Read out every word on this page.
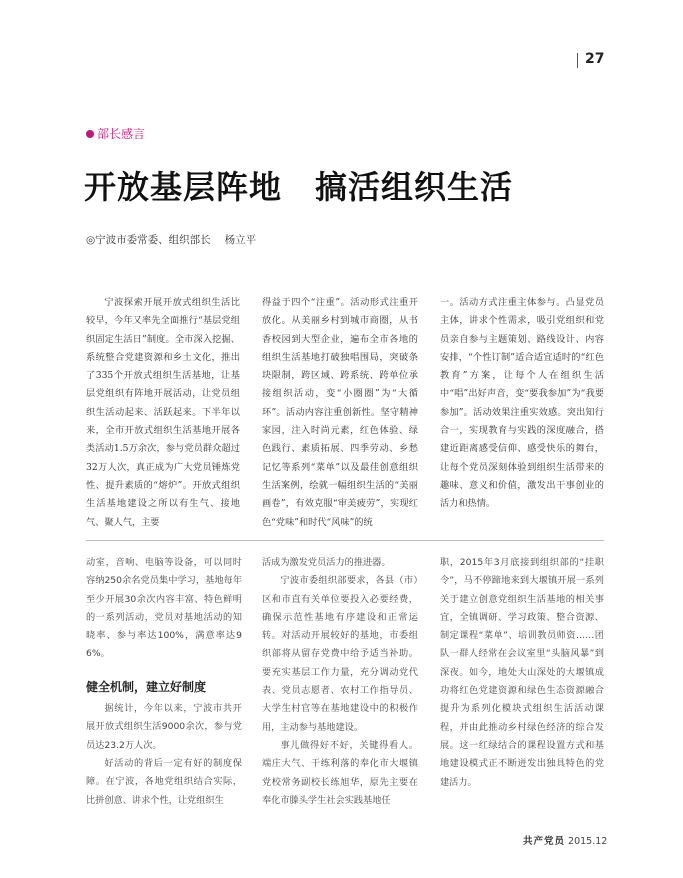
27
部长感言
开放基层阵地　搞活组织生活
◎宁波市委常委、组织部长 杨立平

宁波探索开展开放式组织生活比较早，今年又率先全面推行“基层党组织固定生活日”制度。全市深入挖掘、系统整合党建资源和乡土文化，推出了335个开放式组织生活基地，让基层党组织有阵地开展活动，让党员组织生活动起来、活跃起来。下半年以来，全市开放式组织生活基地开展各类活动1.5万余次，参与党员群众超过32万人次，真正成为广大党员锤炼党性、提升素质的“熔炉”。开放式组织生活基地建设之所以有生气、接地气、聚人气，主要

得益于四个“注重”。活动形式注重开放化。从美丽乡村到城市商圈，从书香校园到大型企业，遍布全市各地的组织生活基地打破独唱围局，突破条块限制，跨区域、跨系统、跨单位承接组织活动，变“小圈圈”为“大循环”。活动内容注重创新性。坚守精神家园，注入时尚元素，红色体验、绿色践行、素质拓展、四季劳动、乡愁记忆等系列“菜单”以及最佳创意组织生活案例，绘就一幅组织生活的“美丽画卷”，有效克服“审美疲劳”，实现红色“党味”和时代“风味”的统

一。活动方式注重主体参与。凸显党员主体，讲求个性需求，吸引党组织和党员亲自参与主题策划、路线设计、内容安排，“个性订制”适合适宜适时的“红色教育”方案，让每个人在组织生活中“唱”出好声音，变“要我参加”为“我要参加”。活动效果注重实效感。突出知行合一，实现教育与实践的深度融合，搭建近距离感受信仰、感受快乐的舞台，让每个党员深刻体验到组织生活带来的趣味、意义和价值，激发出干事创业的活力和热情。

动室，音响、电脑等设备，可以同时容纳250余名党员集中学习，基地每年至少开展30余次内容丰富、特色鲜明的一系列活动，党员对基地活动的知晓率、参与率达100%，满意率达96%。

健全机制，建立好制度

据统计，今年以来，宁波市共开展开放式组织生活9000余次，参与党员达23.2万人次。

好活动的背后一定有好的制度保障。在宁波，各地党组织结合实际，比拼创意、讲求个性，让党组织生

活成为激发党员活力的推进器。

宁波市委组织部要求，各县（市）区和市直有关单位要投入必要经费，确保示范性基地有序建设和正常运转。对活动开展较好的基地，市委组织部将从留存党费中给予适当补助。要充实基层工作力量，充分调动党代表、党员志愿者、农村工作指导员、大学生村官等在基地建设中的积极作用，主动参与基地建设。

事儿做得好不好，关键得看人。端庄大气、干练利落的奉化市大堰镇党校常务副校长练旭华，原先主要在奉化市滕头学生社会实践基地任

职，2015年3月底接到组织部的“挂职令”，马不停蹄地来到大堰镇开展一系列关于建立创意党组织生活基地的相关事宜，全镇调研、学习政策、整合资源、制定课程“菜单”、培训教员师资……团队一群人经常在会议室里“头脑风暴”到深夜。如今，地处大山深处的大堰镇成功将红色党建资源和绿色生态资源融合提升为系列化模块式组织生活活动课程，并由此推动乡村绿色经济的综合发展。这一红绿结合的课程设置方式和基地建设模式正不断迸发出独具特色的党建活力。

共产党员 2015.12
